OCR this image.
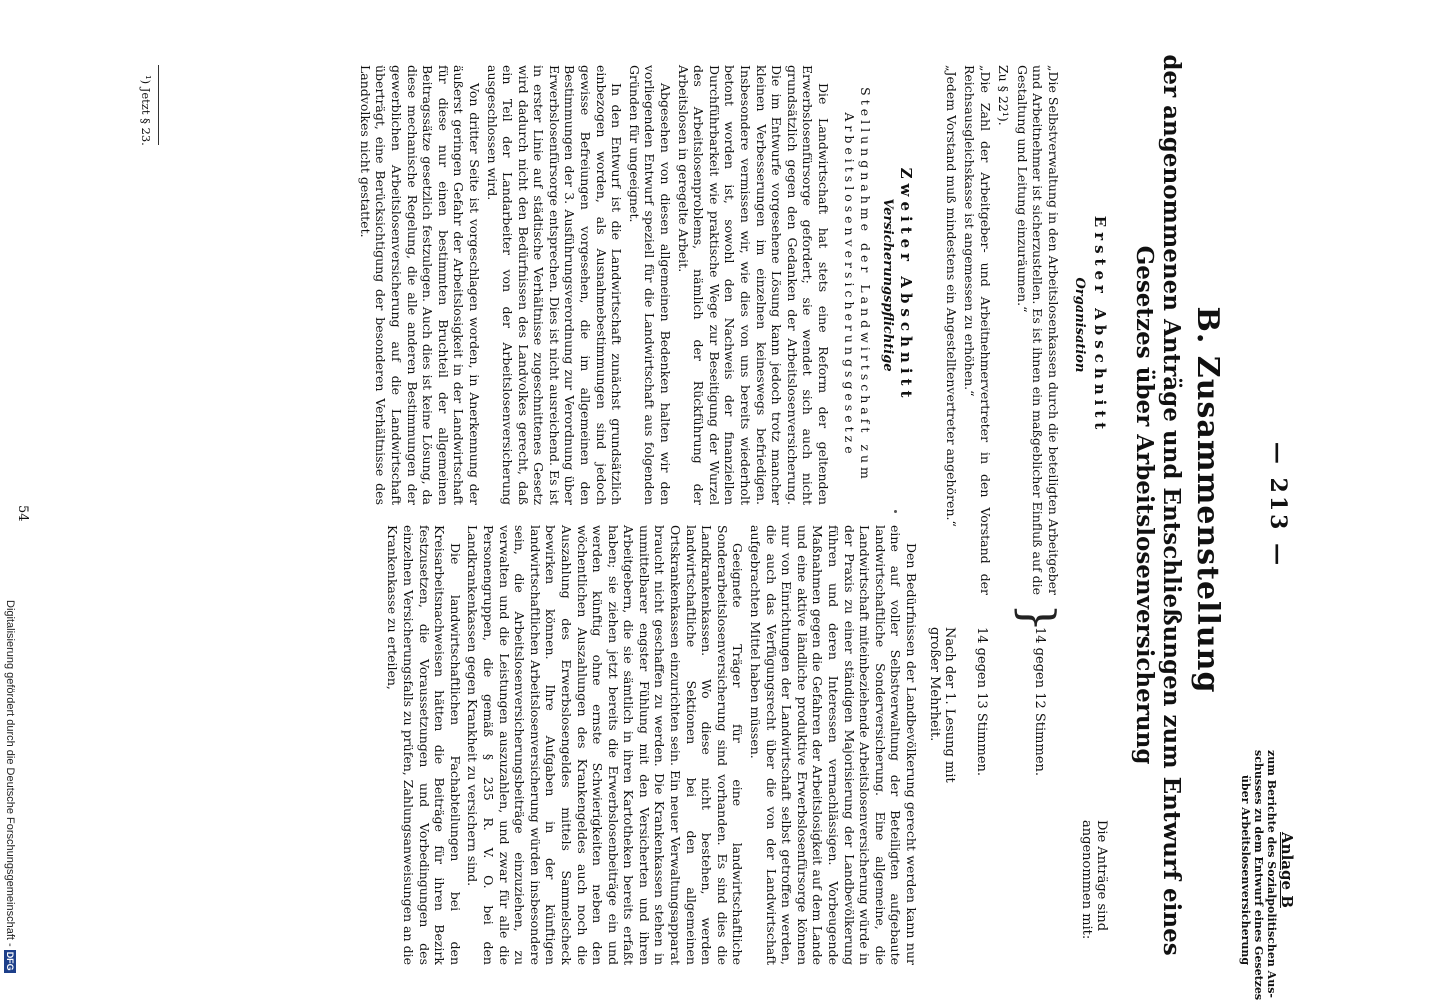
— 213 —
Anlage B
zum Berichte des Sozialpolitischen Aus-
schusses zu dem Entwurf eines Gesetzes
über Arbeitslosenversicherung
B. Zusammenstellung
der angenommenen Anträge und Entschließungen zum Entwurf eines Gesetzes über Arbeitslosenversicherung
Erster Abschnitt
Organisation
„Die Selbstverwaltung in den Arbeitslosenkassen durch die beteiligten Arbeitgeber und Arbeitnehmer ist sicherzustellen. Es ist ihnen ein maßgeblicher Einfluß auf die Gestaltung und Leitung einzuräumen.“
Zu § 22¹).
„Die Zahl der Arbeitgeber- und Arbeitnehmervertreter in den Vorstand der Reichsausgleichskasse ist angemessen zu erhöhen.“
„Jedem Vorstand muß mindestens ein Angestelltenvertreter angehören.“
Die Anträge sind angenommen mit:
}
14 gegen 12 Stimmen.
14 gegen 13 Stimmen.
Nach der 1. Lesung mit großer Mehrheit.
Zweiter Abschnitt
Versicherungspflichtige
Stellungnahme der Landwirtschaft zum Arbeitslosenversicherungsgesetze

Die Landwirtschaft hat stets eine Reform der geltenden Erwerbslosenfürsorge gefordert; sie wendet sich auch nicht grundsätzlich gegen den Gedanken der Arbeitslosenversicherung. Die im Entwurfe vorgesehene Lösung kann jedoch trotz mancher kleinen Verbesserungen im einzelnen keineswegs befriedigen. Insbesondere vermissen wir, wie dies von uns bereits wiederholt betont worden ist, sowohl den Nachweis der finanziellen Durchführbarkeit wie praktische Wege zur Beseitigung der Wurzel des Arbeitslosenproblems, nämlich der Rückführung der Arbeitslosen in geregelte Arbeit.

Abgesehen von diesen allgemeinen Bedenken halten wir den vorliegenden Entwurf speziell für die Landwirtschaft aus folgenden Gründen für ungeeignet.

In den Entwurf ist die Landwirtschaft zunächst grundsätzlich einbezogen worden, als Ausnahmebestimmungen sind jedoch gewisse Befreiungen vorgesehen, die im allgemeinen den Bestimmungen der 3. Ausführungsverordnung zur Verordnung über Erwerbslosenfürsorge entsprechen. Dies ist nicht ausreichend. Es ist in erster Linie auf städtische Verhältnisse zugeschnittenes Gesetz wird dadurch nicht den Bedürfnissen des Landvolkes gerecht, daß ein Teil der Landarbeiter von der Arbeitslosenversicherung ausgeschlossen wird.

Von dritter Seite ist vorgeschlagen worden, in Anerkennung der äußerst geringen Gefahr der Arbeitslosigkeit in der Landwirtschaft für diese nur einen bestimmten Bruchteil der allgemeinen Beitragssätze gesetzlich festzulegen. Auch dies ist keine Lösung, da diese mechanische Regelung, die alle anderen Bestimmungen der gewerblichen Arbeitslosenversicherung auf die Landwirtschaft überträgt, eine Berücksichtigung der besonderen Verhältnisse des Landvolkes nicht gestattet.

Den Bedürfnissen der Landbevölkerung gerecht werden kann nur eine auf voller Selbstverwaltung der Beteiligten aufgebaute landwirtschaftliche Sonderversicherung. Eine allgemeine, die Landwirtschaft miteinbeziehende Arbeitslosenversicherung würde in der Praxis zu einer ständigen Majorisierung der Landbevölkerung führen und deren Interessen vernachlässigen. Vorbeugende Maßnahmen gegen die Gefahren der Arbeitslosigkeit auf dem Lande und eine aktive ländliche produktive Erwerbslosenfürsorge können nur von Einrichtungen der Landwirtschaft selbst getroffen werden, die auch das Verfügungsrecht über die von der Landwirtschaft aufgebrachten Mittel haben müssen.

Geeignete Träger für eine landwirtschaftliche Sonderarbeitslosenversicherung sind vorhanden. Es sind dies die Landkrankenkassen. Wo diese nicht bestehen, werden landwirtschaftliche Sektionen bei den allgemeinen Ortskrankenkassen einzurichten sein. Ein neuer Verwaltungsapparat braucht nicht geschaffen zu werden. Die Krankenkassen stehen in unmittelbarer engster Fühlung mit den Versicherten und ihren Arbeitgebern, die sie sämtlich in ihren Kartotheken bereits erfaßt haben; sie ziehen jetzt bereits die Erwerbslosenbeiträge ein und werden künftig ohne ernste Schwierigkeiten neben den wöchentlichen Auszahlungen des Krankengeldes auch noch die Auszahlung des Erwerbslosengeldes mittels Sammelscheck bewirken können. Ihre Aufgaben in der künftigen landwirtschaftlichen Arbeitslosenversicherung würden insbesondere sein, die Arbeitslosenversicherungsbeiträge einzuziehen, zu verwalten und die Leistungen auszuzahlen, und zwar für alle die Personengruppen, die gemäß § 235 R. V. O. bei den Landkrankenkassen gegen Krankheit zu versichern sind.

Die landwirtschaftlichen Fachabteilungen bei den Kreisarbeitsnachweisen hätten die Beiträge für ihren Bezirk festzusetzen, die Voraussetzungen und Vorbedingungen des einzelnen Versicherungsfalls zu prüfen, Zahlungsanweisungen an die Krankenkasse zu erteilen,

¹) Jetzt § 23.
54
Digitalisierung gefördert durch die Deutsche Forschungsgemeinschaft -DFG
